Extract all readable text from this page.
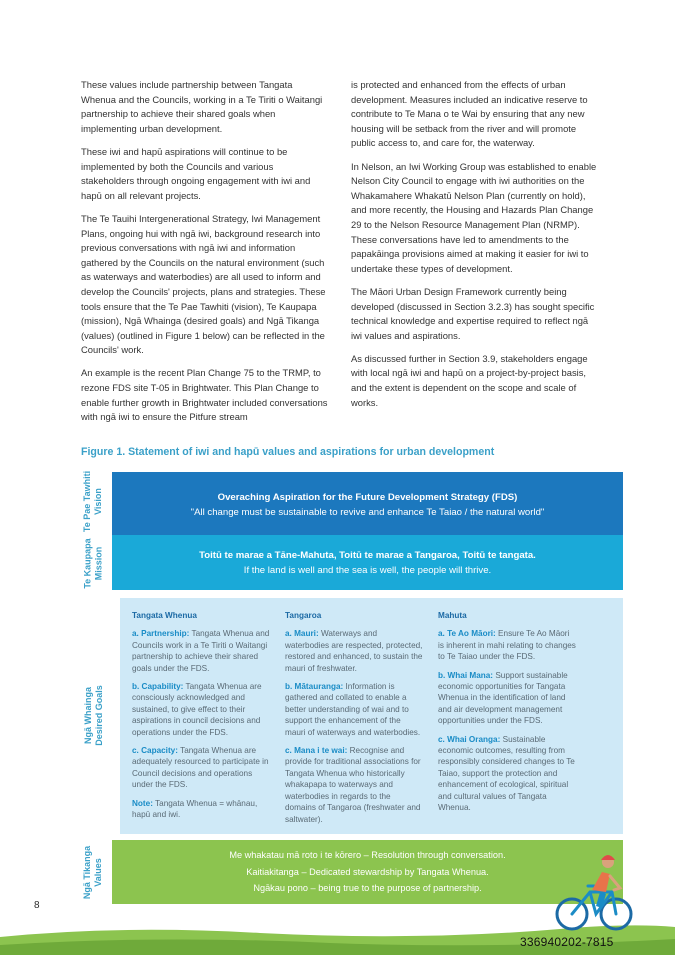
These values include partnership between Tangata Whenua and the Councils, working in a Te Tiriti o Waitangi partnership to achieve their shared goals when implementing urban development.

These iwi and hapū aspirations will continue to be implemented by both the Councils and various stakeholders through ongoing engagement with iwi and hapū on all relevant projects.

The Te Tauihi Intergenerational Strategy, Iwi Management Plans, ongoing hui with ngā iwi, background research into previous conversations with ngā iwi and information gathered by the Councils on the natural environment (such as waterways and waterbodies) are all used to inform and develop the Councils' projects, plans and strategies. These tools ensure that the Te Pae Tawhiti (vision), Te Kaupapa (mission), Ngā Whainga (desired goals) and Ngā Tikanga (values) (outlined in Figure 1 below) can be reflected in the Councils' work.

An example is the recent Plan Change 75 to the TRMP, to rezone FDS site T-05 in Brightwater. This Plan Change to enable further growth in Brightwater included conversations with ngā iwi to ensure the Pitfure stream

is protected and enhanced from the effects of urban development. Measures included an indicative reserve to contribute to Te Mana o te Wai by ensuring that any new housing will be setback from the river and will promote public access to, and care for, the waterway.

In Nelson, an Iwi Working Group was established to enable Nelson City Council to engage with iwi authorities on the Whakamahere Whakatū Nelson Plan (currently on hold), and more recently, the Housing and Hazards Plan Change 29 to the Nelson Resource Management Plan (NRMP). These conversations have led to amendments to the papakāinga provisions aimed at making it easier for iwi to undertake these types of development.

The Māori Urban Design Framework currently being developed (discussed in Section 3.2.3) has sought specific technical knowledge and expertise required to reflect ngā iwi values and aspirations.

As discussed further in Section 3.9, stakeholders engage with local ngā iwi and hapū on a project-by-project basis, and the extent is dependent on the scope and scale of works.

Figure 1. Statement of iwi and hapū values and aspirations for urban development
Te Pae Tawhiti Vision
Te Kaupapa Mission
Ngā Whainga Desired Goals
Ngā Tikanga Values
Overaching Aspiration for the Future Development Strategy (FDS)
"All change must be sustainable to revive and enhance Te Taiao / the natural world"
Toitū te marae a Tāne-Mahuta, Toitū te marae a Tangaroa, Toitū te tangata.
If the land is well and the sea is well, the people will thrive.
Tangata Whenua

a. Partnership: Tangata Whenua and Councils work in a Te Tiriti o Waitangi partnership to achieve their shared goals under the FDS.

b. Capability: Tangata Whenua are consciously acknowledged and sustained, to give effect to their aspirations in council decisions and operations under the FDS.

c. Capacity: Tangata Whenua are adequately resourced to participate in Council decisions and operations under the FDS.

Note: Tangata Whenua = whānau, hapū and iwi.

Tangaroa

a. Mauri: Waterways and waterbodies are respected, protected, restored and enhanced, to sustain the mauri of freshwater.

b. Mātauranga: Information is gathered and collated to enable a better understanding of wai and to support the enhancement of the mauri of waterways and waterbodies.

c. Mana i te wai: Recognise and provide for traditional associations for Tangata Whenua who historically whakapapa to waterways and waterbodies in regards to the domains of Tangaroa (freshwater and saltwater).

Mahuta

a. Te Ao Māori: Ensure Te Ao Māori is inherent in mahi relating to changes to Te Taiao under the FDS.

b. Whai Mana: Support sustainable economic opportunities for Tangata Whenua in the identification of land and air development management opportunities under the FDS.

c. Whai Oranga: Sustainable economic outcomes, resulting from responsibly considered changes to Te Taiao, support the protection and enhancement of ecological, spiritual and cultural values of Tangata Whenua.

Me whakatau mā roto i te kōrero – Resolution through conversation.
Kaitiakitanga – Dedicated stewardship by Tangata Whenua.
Ngākau pono – being true to the purpose of partnership.
8
336940202-7815
